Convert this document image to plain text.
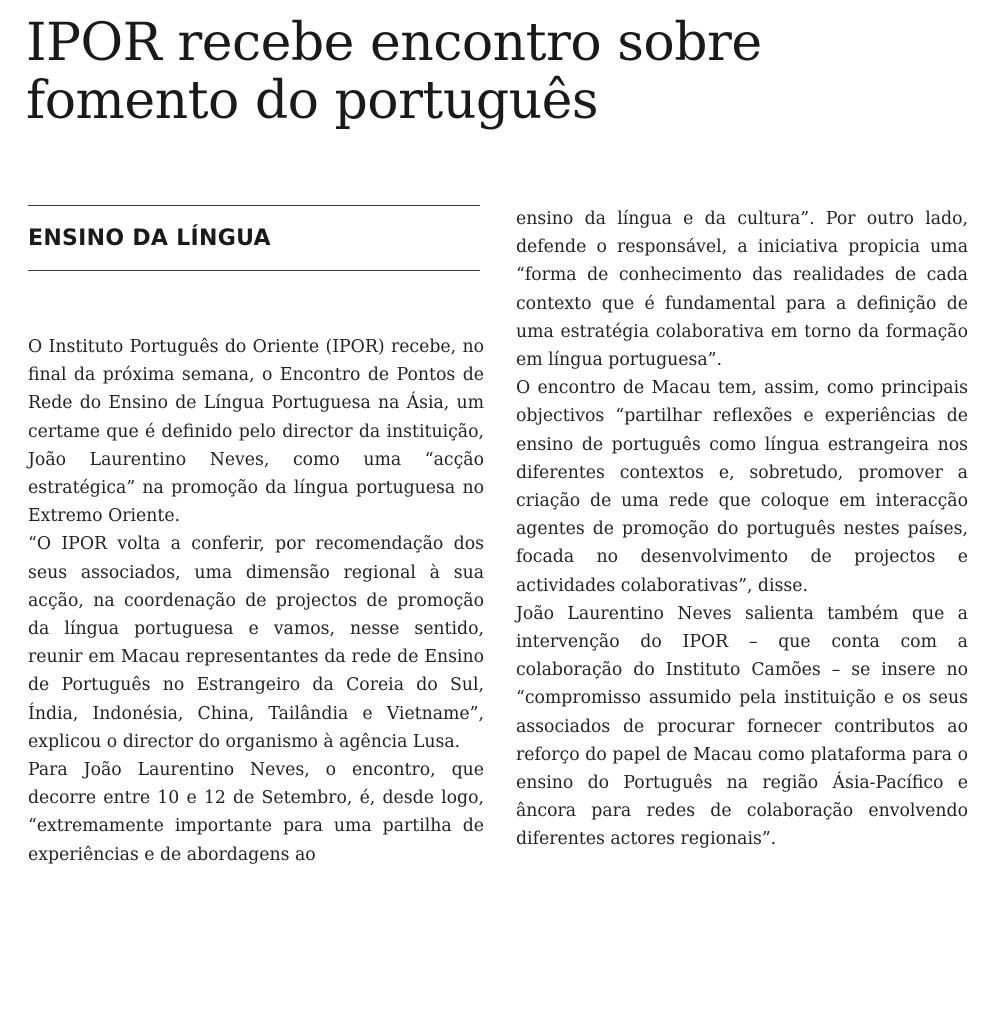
IPOR recebe encontro sobre fomento do português
ENSINO DA LÍNGUA

O Instituto Português do Oriente (IPOR) recebe, no final da próxima semana, o Encontro de Pontos de Rede do Ensino de Língua Portuguesa na Ásia, um certame que é definido pelo director da instituição, João Laurentino Neves, como uma “acção estratégica” na promoção da língua portuguesa no Extremo Oriente.

“O IPOR volta a conferir, por recomendação dos seus associados, uma dimensão regional à sua acção, na coordenação de projectos de promoção da língua portuguesa e vamos, nesse sentido, reunir em Macau representantes da rede de Ensino de Português no Estrangeiro da Coreia do Sul, Índia, Indonésia, China, Tailândia e Vietname”, explicou o director do organismo à agência Lusa.

Para João Laurentino Neves, o encontro, que decorre entre 10 e 12 de Setembro, é, desde logo, “extremamente importante para uma partilha de experiências e de abordagens ao

ensino da língua e da cultura”. Por outro lado, defende o responsável, a iniciativa propicia uma “forma de conhecimento das realidades de cada contexto que é fundamental para a definição de uma estratégia colaborativa em torno da formação em língua portuguesa”.

O encontro de Macau tem, assim, como principais objectivos “partilhar reflexões e experiências de ensino de português como língua estrangeira nos diferentes contextos e, sobretudo, promover a criação de uma rede que coloque em interacção agentes de promoção do português nestes países, focada no desenvolvimento de projectos e actividades colaborativas”, disse.

João Laurentino Neves salienta também que a intervenção do IPOR – que conta com a colaboração do Instituto Camões – se insere no “compromisso assumido pela instituição e os seus associados de procurar fornecer contributos ao reforço do papel de Macau como plataforma para o ensino do Português na região Ásia-Pacífico e âncora para redes de colaboração envolvendo diferentes actores regionais”.
